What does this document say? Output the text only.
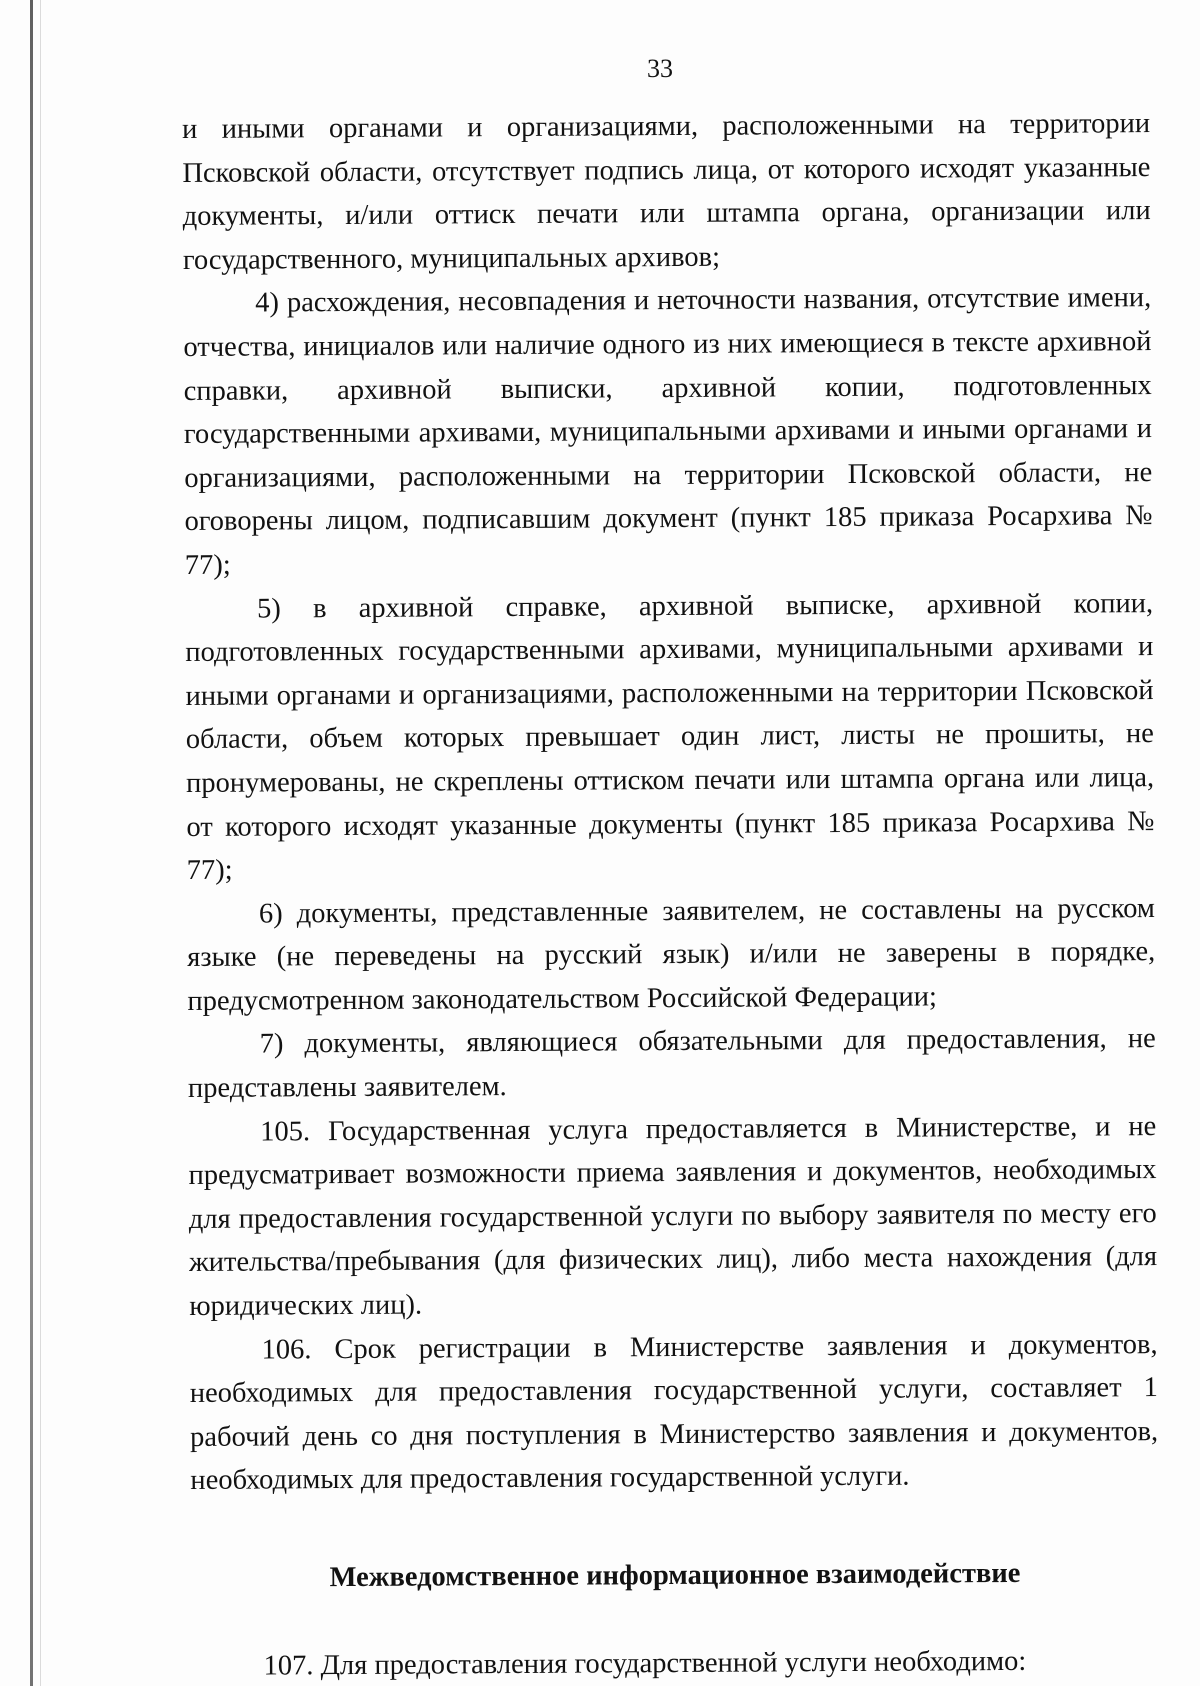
33

и иными органами и организациями, расположенными на территории Псковской области, отсутствует подпись лица, от которого исходят указанные документы, и/или оттиск печати или штампа органа, организации или государственного, муниципальных архивов;

4) расхождения, несовпадения и неточности названия, отсутствие имени, отчества, инициалов или наличие одного из них имеющиеся в тексте архивной справки, архивной выписки, архивной копии, подготовленных государственными архивами, муниципальными архивами и иными органами и организациями, расположенными на территории Псковской области, не оговорены лицом, подписавшим документ (пункт 185 приказа Росархива № 77);

5) в архивной справке, архивной выписке, архивной копии, подготовленных государственными архивами, муниципальными архивами и иными органами и организациями, расположенными на территории Псковской области, объем которых превышает один лист, листы не прошиты, не пронумерованы, не скреплены оттиском печати или штампа органа или лица, от которого исходят указанные документы (пункт 185 приказа Росархива № 77);

6) документы, представленные заявителем, не составлены на русском языке (не переведены на русский язык) и/или не заверены в порядке, предусмотренном законодательством Российской Федерации;

7) документы, являющиеся обязательными для предоставления, не представлены заявителем.

105. Государственная услуга предоставляется в Министерстве, и не предусматривает возможности приема заявления и документов, необходимых для предоставления государственной услуги по выбору заявителя по месту его жительства/пребывания (для физических лиц), либо места нахождения (для юридических лиц).

106. Срок регистрации в Министерстве заявления и документов, необходимых для предоставления государственной услуги, составляет 1 рабочий день со дня поступления в Министерство заявления и документов, необходимых для предоставления государственной услуги.

Межведомственное информационное взаимодействие

107. Для предоставления государственной услуги необходимо:
